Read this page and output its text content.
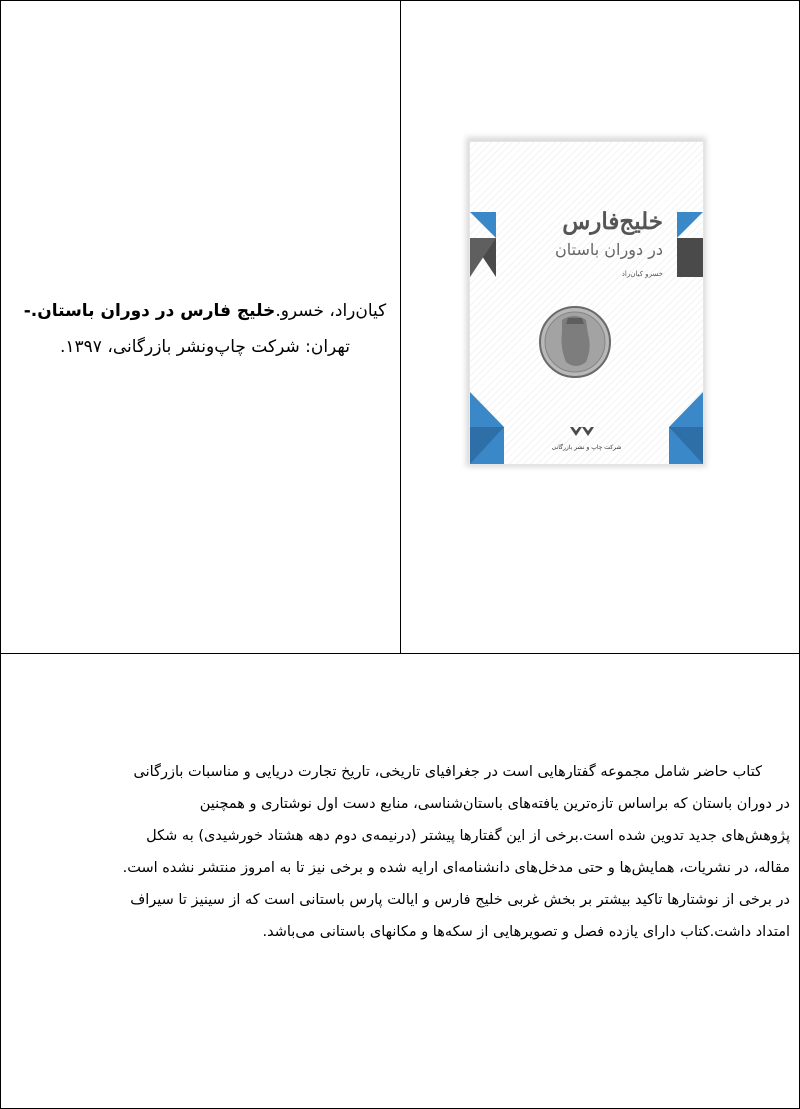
کیان‌راد، خسرو.خلیج فارس در دوران باستان.-
تهران: شرکت چاپ‌ونشر بازرگانی، ۱۳۹۷.
خلیج‌فارس
در دوران باستان
خسرو کیان‌راد
شرکت چاپ و نشر بازرگانی
کتاب حاضر شامل مجموعه گفتارهایی است در جغرافیای تاریخی، تاریخ تجارت دریایی و مناسبات بازرگانی
در دوران باستان که براساس تازه‌ترین یافته‌های باستان‌شناسی، منابع دست اول نوشتاری و همچنین
پژوهش‌های جدید تدوین شده است.برخی از این گفتارها پیشتر (درنیمه‌ی دوم دهه هشتاد خورشیدی) به شکل
مقاله، در نشریات، همایش‌ها و حتی مدخل‌های دانشنامه‌ای ارایه شده و برخی نیز تا به امروز منتشر نشده است.
در برخی از نوشتارها تاکید بیشتر بر بخش غربی خلیج فارس و ایالت پارس باستانی است که از سینیز تا سیراف
امتداد داشت.کتاب دارای یازده فصل و تصویرهایی از سکه‌ها و مکانهای باستانی می‌باشد.
